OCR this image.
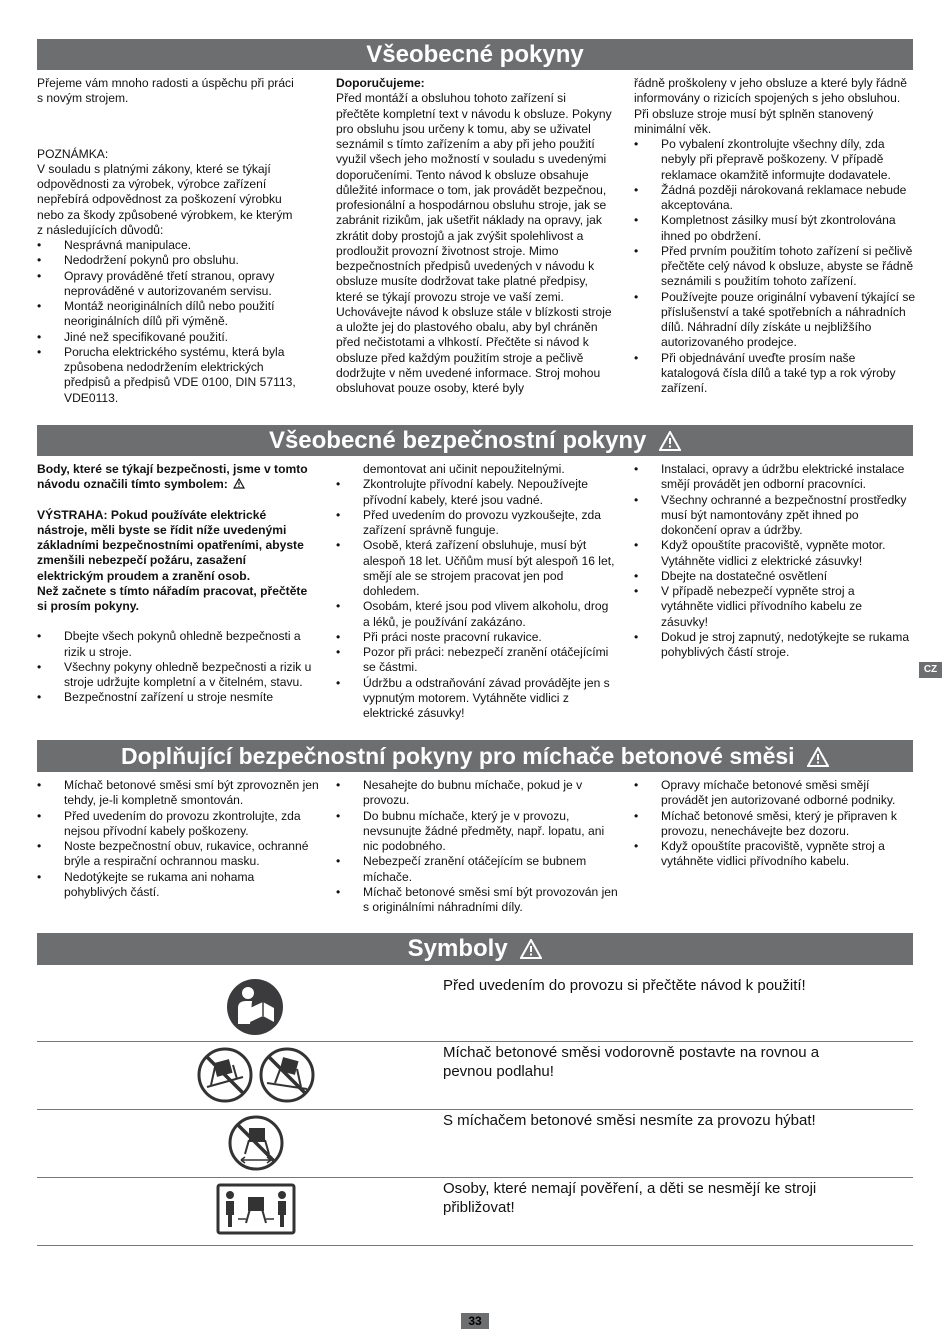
Všeobecné pokyny

Přejeme vám mnoho radosti a úspěchu při práci s novým strojem.

POZNÁMKA:

V souladu s platnými zákony, které se týkají odpovědnosti za výrobek, výrobce zařízení nepřebírá odpovědnost za poškození výrobku nebo za škody způsobené výrobkem, ke kterým z následujících důvodů:

• Nesprávná manipulace.
• Nedodržení pokynů pro obsluhu.
• Opravy prováděné třetí stranou, opravy neprováděné v autorizovaném servisu.
• Montáž neoriginálních dílů nebo použití neoriginálních dílů při výměně.
• Jiné než specifikované použití.
• Porucha elektrického systému, která byla způsobena nedodržením elektrických předpisů a předpisů VDE 0100, DIN 57113, VDE0113.

Doporučujeme:

Před montáží a obsluhou tohoto zařízení si přečtěte kompletní text v návodu k obsluze. Pokyny pro obsluhu jsou určeny k tomu, aby se uživatel seznámil s tímto zařízením a aby při jeho použití využil všech jeho možností v souladu s uvedenými doporučeními. Tento návod k obsluze obsahuje důležité informace o tom, jak provádět bezpečnou, profesionální a hospodárnou obsluhu stroje, jak se zabránit rizikům, jak ušetřit náklady na opravy, jak zkrátit doby prostojů a jak zvýšit spolehlivost a prodloužit provozní životnost stroje. Mimo bezpečnostních předpisů uvedených v návodu k obsluze musíte dodržovat take platné předpisy, které se týkají provozu stroje ve vaší zemi.

Uchovávejte návod k obsluze stále v blízkosti stroje a uložte jej do plastového obalu, aby byl chráněn před nečistotami a vlhkostí. Přečtěte si návod k obsluze před každým použitím stroje a pečlivě dodržujte v něm uvedené informace. Stroj mohou obsluhovat pouze osoby, které byly

řádně proškoleny v jeho obsluze a které byly řádně informovány o rizicích spojených s jeho obsluhou. Při obsluze stroje musí být splněn stanovený minimální věk.

• Po vybalení zkontrolujte všechny díly, zda nebyly při přepravě poškozeny. V případě reklamace okamžitě informujte dodavatele.
• Žádná později nárokovaná reklamace nebude akceptována.
• Kompletnost zásilky musí být zkontrolována ihned po obdržení.
• Před prvním použitím tohoto zařízení si pečlivě přečtěte celý návod k obsluze, abyste se řádně seznámili s použitím tohoto zařízení.
• Používejte pouze originální vybavení týkající se příslušenství a také spotřebních a náhradních dílů. Náhradní díly získáte u nejbližšího autorizovaného prodejce.
• Při objednávání uveďte prosím naše katalogová čísla dílů a také typ a rok výroby zařízení.
Všeobecné bezpečnostní pokyny

Body, které se týkají bezpečnosti, jsme v tomto návodu označili tímto symbolem:

VÝSTRAHA: Pokud používáte elektrické nástroje, měli byste se řídit níže uvedenými základními bezpečnostními opatřeními, abyste zmenšili nebezpečí požáru, zasažení elektrickým proudem a zranění osob.

Než začnete s tímto nářadím pracovat, přečtěte si prosím pokyny.

• Dbejte všech pokynů ohledně bezpečnosti a rizik u stroje.
• Všechny pokyny ohledně bezpečnosti a rizik u stroje udržujte kompletní a v čitelném, stavu.
• Bezpečnostní zařízení u stroje nesmíte

demontovat ani učinit nepoužitelnými.

• Zkontrolujte přívodní kabely. Nepoužívejte přívodní kabely, které jsou vadné.
• Před uvedením do provozu vyzkoušejte, zda zařízení správně funguje.
• Osobě, která zařízení obsluhuje, musí být alespoň 18 let. Učňům musí být alespoň 16 let, smějí ale se strojem pracovat jen pod dohledem.
• Osobám, které jsou pod vlivem alkoholu, drog a léků, je používání zakázáno.
• Při práci noste pracovní rukavice.
• Pozor při práci: nebezpečí zranění otáčejícími se částmi.
• Údržbu a odstraňování závad provádějte jen s vypnutým motorem. Vytáhněte vidlici z elektrické zásuvky!
• Instalaci, opravy a údržbu elektrické instalace smějí provádět jen odborní pracovníci.
• Všechny ochranné a bezpečnostní prostředky musí být namontovány zpět ihned po dokončení oprav a údržby.
• Když opouštíte pracoviště, vypněte motor. Vytáhněte vidlici z elektrické zásuvky!
• Dbejte na dostatečné osvětlení
• V případě nebezpečí vypněte stroj a vytáhněte vidlici přívodního kabelu ze zásuvky!
• Dokud je stroj zapnutý, nedotýkejte se rukama pohyblivých částí stroje.
CZ
Doplňující bezpečnostní pokyny pro míchače betonové směsi
• Míchač betonové směsi smí být zprovozněn jen tehdy, je-li kompletně smontován.
• Před uvedením do provozu zkontrolujte, zda nejsou přívodní kabely poškozeny.
• Noste bezpečnostní obuv, rukavice, ochranné brýle a respirační ochrannou masku.
• Nedotýkejte se rukama ani nohama pohyblivých částí.
• Nesahejte do bubnu míchače, pokud je v provozu.
• Do bubnu míchače, který je v provozu, nevsunujte žádné předměty, např. lopatu, ani nic podobného.
• Nebezpečí zranění otáčejícím se bubnem míchače.
• Míchač betonové směsi smí být provozován jen s originálními náhradními díly.
• Opravy míchače betonové směsi smějí provádět jen autorizované odborné podniky.
• Míchač betonové směsi, který je připraven k provozu, nenechávejte bez dozoru.
• Když opouštíte pracoviště, vypněte stroj a vytáhněte vidlici přívodního kabelu.
Symboly
Před uvedením do provozu si přečtěte návod k použití!
Míchač betonové směsi vodorovně postavte na rovnou a pevnou podlahu!
S míchačem betonové směsi nesmíte za provozu hýbat!
Osoby, které nemají pověření, a děti se nesmějí ke stroji přibližovat!
33
